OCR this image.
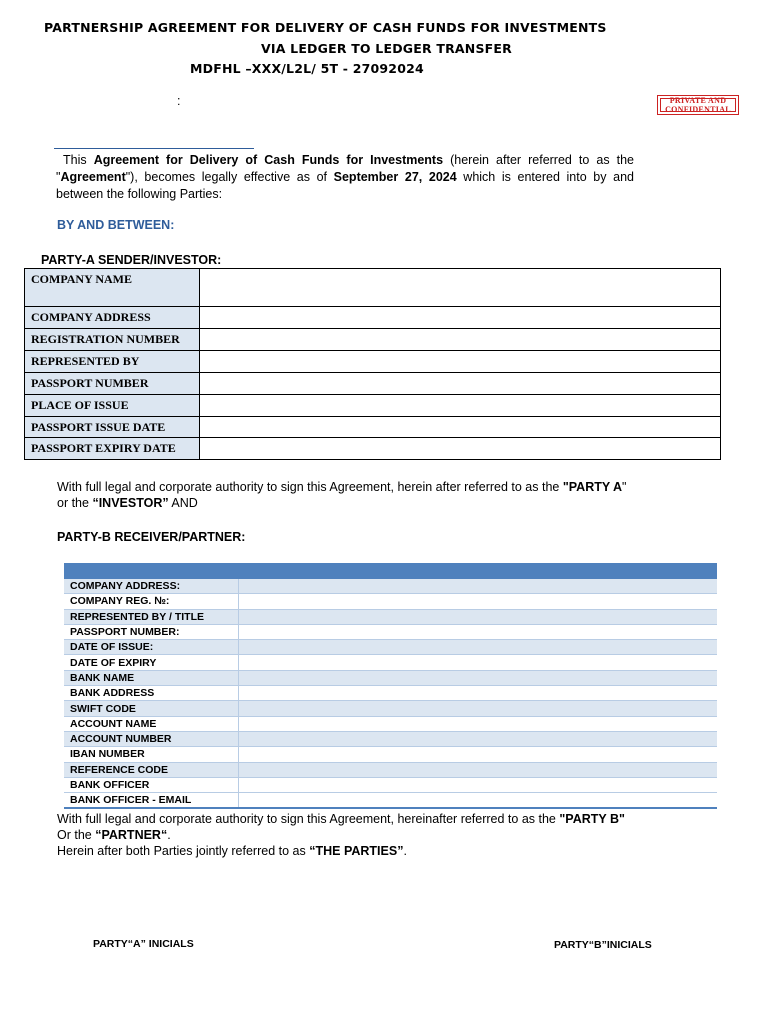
PARTNERSHIP AGREEMENT FOR DELIVERY OF CASH FUNDS FOR INVESTMENTS
VIA LEDGER TO LEDGER TRANSFER
MDFHL –XXX/L2L/ 5T - 27092024
:	PRIVATE AND
CONFIDENTIAL
This Agreement for Delivery of Cash Funds for Investments (herein after referred to as the "Agreement"), becomes legally effective as of September 27, 2024 which is entered into by and between the following Parties:
BY AND BETWEEN:
PARTY-A SENDER/INVESTOR:
COMPANY NAME	
COMPANY ADDRESS	
REGISTRATION NUMBER	
REPRESENTED BY	
PASSPORT NUMBER	
PLACE OF ISSUE	
PASSPORT ISSUE DATE	
PASSPORT EXPIRY DATE	
With full legal and corporate authority to sign this Agreement, herein after referred to as the "PARTY A" or the “INVESTOR” AND
PARTY-B RECEIVER/PARTNER:

COMPANY ADDRESS:	
COMPANY REG. №:	
REPRESENTED BY / TITLE	
PASSPORT NUMBER:	
DATE OF ISSUE:	
DATE OF EXPIRY	
BANK NAME	
BANK ADDRESS	
SWIFT CODE	
ACCOUNT NAME	
ACCOUNT NUMBER	
IBAN NUMBER	
REFERENCE CODE	
BANK OFFICER	
BANK OFFICER - EMAIL	
With full legal and corporate authority to sign this Agreement, hereinafter referred to as the "PARTY B"
Or the “PARTNER“.
Herein after both Parties jointly referred to as “THE PARTIES”.
PARTY“A” INICIALS	PARTY“B”INICIALS
